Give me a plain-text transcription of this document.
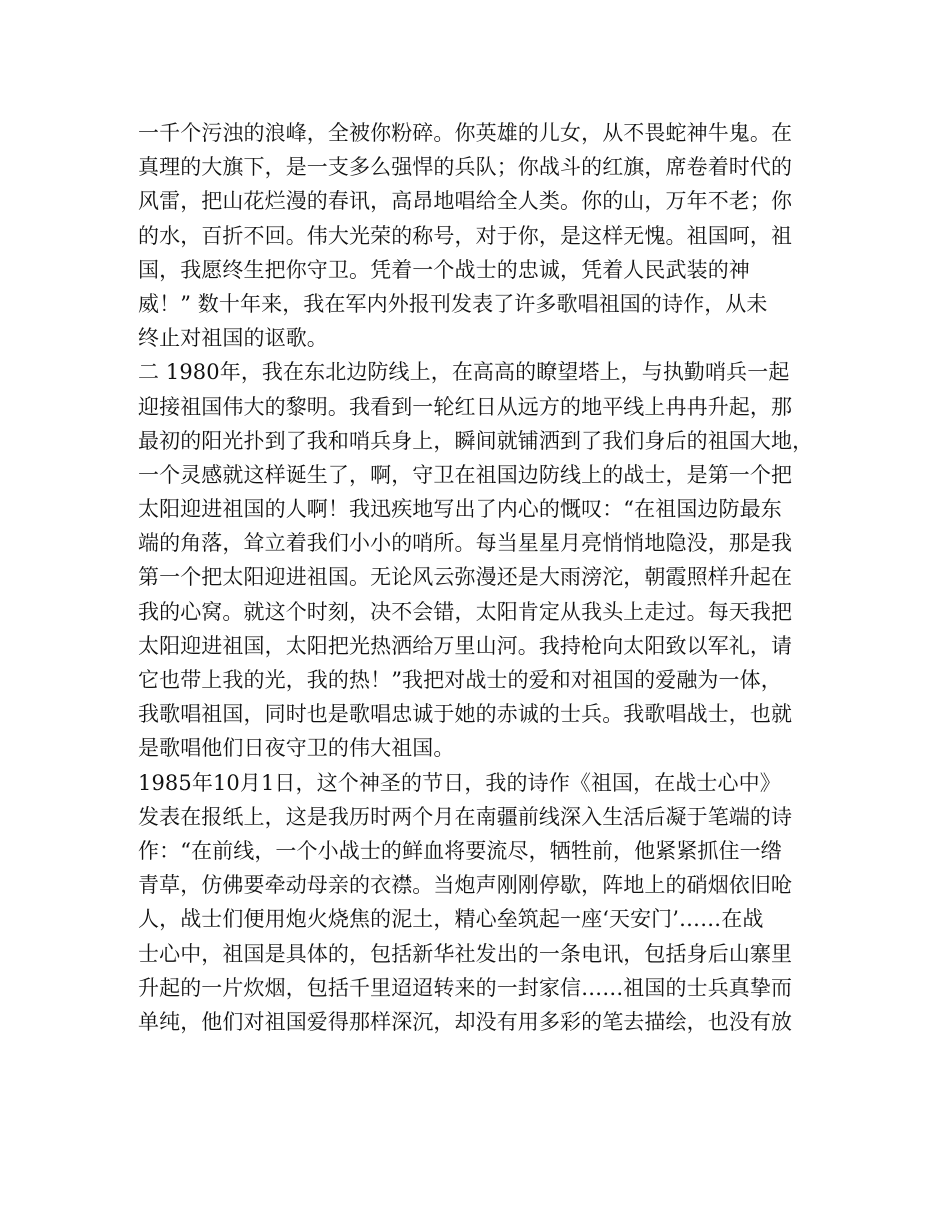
一千个污浊的浪峰，全被你粉碎。你英雄的儿女，从不畏蛇神牛鬼。在
真理的大旗下，是一支多么强悍的兵队；你战斗的红旗，席卷着时代的
风雷，把山花烂漫的春讯，高昂地唱给全人类。你的山，万年不老；你
的水，百折不回。伟大光荣的称号，对于你，是这样无愧。祖国呵，祖
国，我愿终生把你守卫。凭着一个战士的忠诚，凭着人民武装的神
威！” 数十年来，我在军内外报刊发表了许多歌唱祖国的诗作，从未
终止对祖国的讴歌。
二 1980年，我在东北边防线上，在高高的瞭望塔上，与执勤哨兵一起
迎接祖国伟大的黎明。我看到一轮红日从远方的地平线上冉冉升起，那
最初的阳光扑到了我和哨兵身上，瞬间就铺洒到了我们身后的祖国大地，
一个灵感就这样诞生了，啊，守卫在祖国边防线上的战士，是第一个把
太阳迎进祖国的人啊！我迅疾地写出了内心的慨叹：“在祖国边防最东
端的角落，耸立着我们小小的哨所。每当星星月亮悄悄地隐没，那是我
第一个把太阳迎进祖国。无论风云弥漫还是大雨滂沱，朝霞照样升起在
我的心窝。就这个时刻，决不会错，太阳肯定从我头上走过。每天我把
太阳迎进祖国，太阳把光热洒给万里山河。我持枪向太阳致以军礼，请
它也带上我的光，我的热！”我把对战士的爱和对祖国的爱融为一体，
我歌唱祖国，同时也是歌唱忠诚于她的赤诚的士兵。我歌唱战士，也就
是歌唱他们日夜守卫的伟大祖国。
1985年10月1日，这个神圣的节日，我的诗作《祖国，在战士心中》
发表在报纸上，这是我历时两个月在南疆前线深入生活后凝于笔端的诗
作：“在前线，一个小战士的鲜血将要流尽，牺牲前，他紧紧抓住一绺
青草，仿佛要牵动母亲的衣襟。当炮声刚刚停歇，阵地上的硝烟依旧呛
人，战士们便用炮火烧焦的泥土，精心垒筑起一座‘天安门’……在战
士心中，祖国是具体的，包括新华社发出的一条电讯，包括身后山寨里
升起的一片炊烟，包括千里迢迢转来的一封家信……祖国的士兵真挚而
单纯，他们对祖国爱得那样深沉，却没有用多彩的笔去描绘，也没有放
